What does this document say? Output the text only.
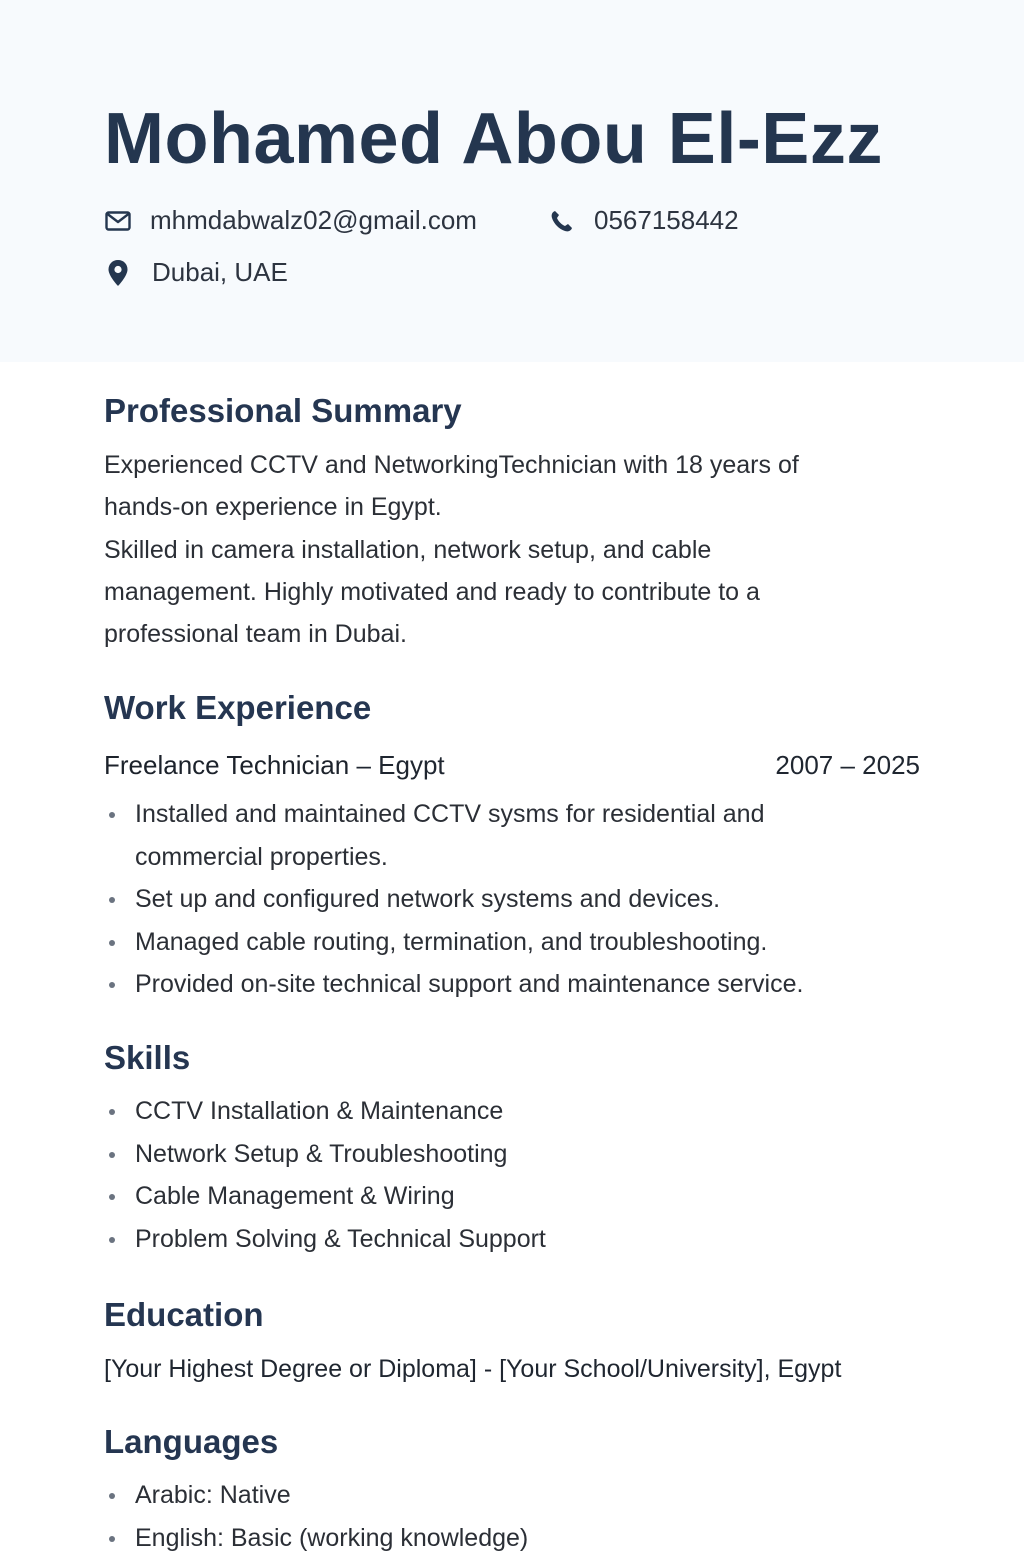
Mohamed Abou El-Ezz
mhmdabwalz02@gmail.com	0567158442
Dubai, UAE
Professional Summary
Experienced CCTV and NetworkingTechnician with 18 years of
hands-on experience in Egypt.
Skilled in camera installation, network setup, and cable
management. Highly motivated and ready to contribute to a
professional team in Dubai.
Work Experience
Freelance Technician – Egypt	2007 – 2025
Installed and maintained CCTV sysms for residential and
commercial properties.
Set up and configured network systems and devices.
Managed cable routing, termination, and troubleshooting.
Provided on-site technical support and maintenance service.
Skills
CCTV Installation & Maintenance
Network Setup & Troubleshooting
Cable Management & Wiring
Problem Solving & Technical Support
Education
[Your Highest Degree or Diploma] - [Your School/University], Egypt
Languages
Arabic: Native
English: Basic (working knowledge)
